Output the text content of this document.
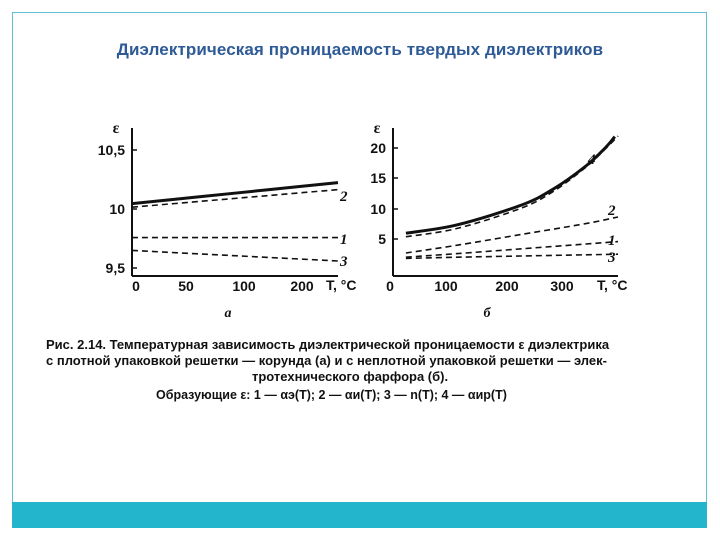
Диэлектрическая проницаемость твердых диэлектриков
ε
9,5
10
10,5
0	50	100 200 T, °C
2
1
3
а
ε
5
10
15
20
0	100	200 300 T, °C
4
2
1
3
б
Рис. 2.14. Температурная зависимость диэлектрической проницаемости ε диэлектрика
с плотной упаковкой решетки — корунда (а) и с неплотной упаковкой решетки — элек-
тротехнического фарфора (б).
Образующие ε: 1 — αэ(T); 2 — αи(T); 3 — n(T); 4 — αир(T)
